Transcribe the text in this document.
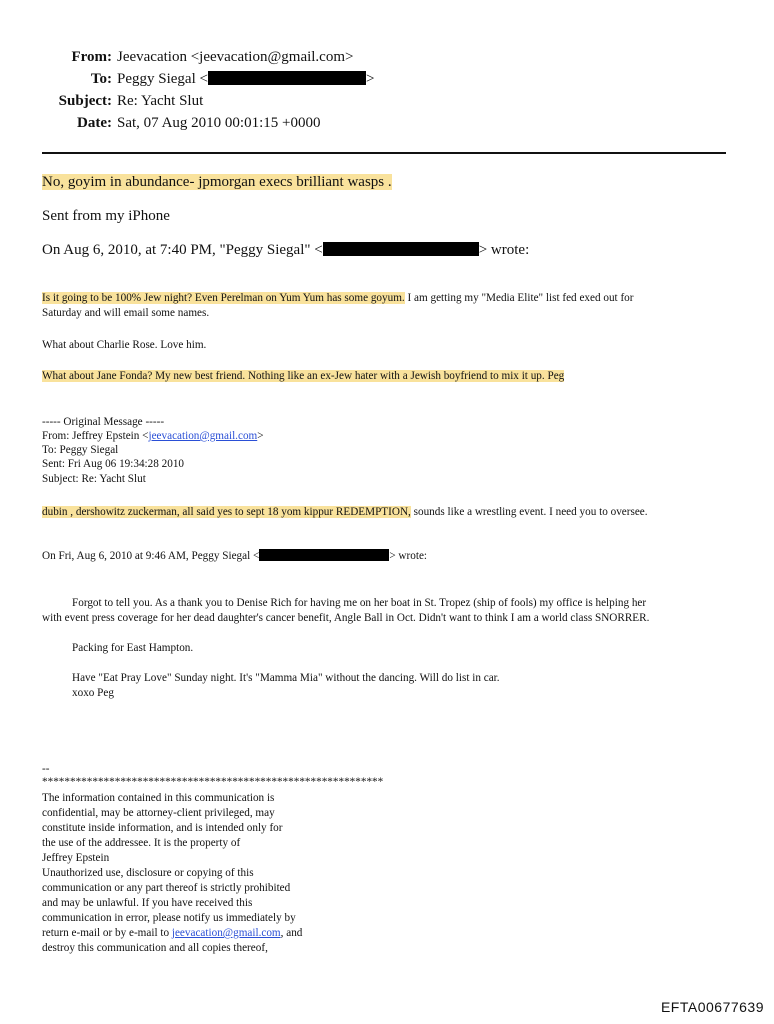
From: Jeevacation <jeevacation@gmail.com>
To: Peggy Siegal <	>
Subject: Re: Yacht Slut
Date: Sat, 07 Aug 2010 00:01:15 +0000
No, goyim in abundance- jpmorgan execs brilliant wasps .
Sent from my iPhone
On Aug 6, 2010, at 7:40 PM, "Peggy Siegal" <	> wrote:
Is it going to be 100% Jew night? Even Perelman on Yum Yum has some goyum. I am getting my "Media Elite" list fed exed out for
Saturday and will email some names.
What about Charlie Rose. Love him.
What about Jane Fonda? My new best friend. Nothing like an ex-Jew hater with a Jewish boyfriend to mix it up. Peg
----- Original Message -----
From: Jeffrey Epstein <jeevacation@gmail.com>
To: Peggy Siegal
Sent: Fri Aug 06 19:34:28 2010
Subject: Re: Yacht Slut
dubin , dershowitz zuckerman, all said yes to sept 18 yom kippur REDEMPTION, sounds like a wrestling event. I need you to oversee.
On Fri, Aug 6, 2010 at 9:46 AM, Peggy Siegal <	> wrote:
Forgot to tell you. As a thank you to Denise Rich for having me on her boat in St. Tropez (ship of fools) my office is helping her
with event press coverage for her dead daughter's cancer benefit, Angle Ball in Oct. Didn't want to think I am a world class SNORRER.
Packing for East Hampton.
Have "Eat Pray Love" Sunday night. It's "Mamma Mia" without the dancing. Will do list in car.
xoxo Peg
--
*************************************************************
The information contained in this communication is
confidential, may be attorney-client privileged, may
constitute inside information, and is intended only for
the use of the addressee. It is the property of
Jeffrey Epstein
Unauthorized use, disclosure or copying of this
communication or any part thereof is strictly prohibited
and may be unlawful. If you have received this
communication in error, please notify us immediately by
return e-mail or by e-mail to jeevacation@gmail.com, and
destroy this communication and all copies thereof,
EFTA00677639
